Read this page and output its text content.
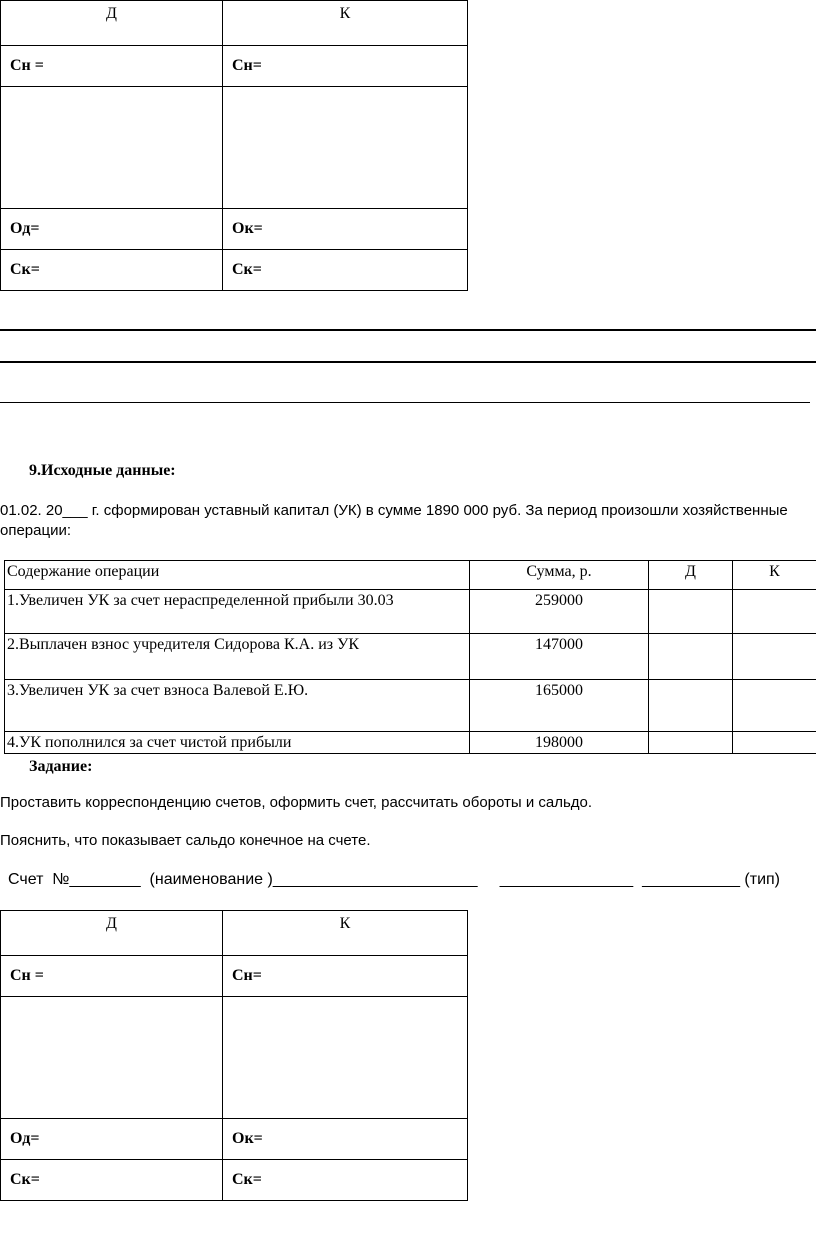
Д	К
Сн =	Сн=

Од=	Ок=
Ск=	Ск=
9.Исходные данные:
01.02. 20___ г. сформирован уставный капитал (УК) в сумме 1890 000 руб. За период произошли хозяйственные операции:
Содержание операции	Сумма, р.	Д	К
1.Увеличен УК за счет нераспределенной прибыли 30.03	259000		
2.Выплачен взнос учредителя Сидорова К.А. из УК	147000		
3.Увеличен УК за счет взноса Валевой Е.Ю.	165000		
4.УК пополнился за счет чистой прибыли	198000		
Задание:
Проставить корреспонденцию счетов, оформить счет, рассчитать обороты и сальдо.
Пояснить, что показывает сальдо конечное на счете.
Счет  №________  (наименование )_______________________     _______________  ___________ (тип)
Д	К
Сн =	Сн=

Од=	Ок=
Ск=	Ск=
